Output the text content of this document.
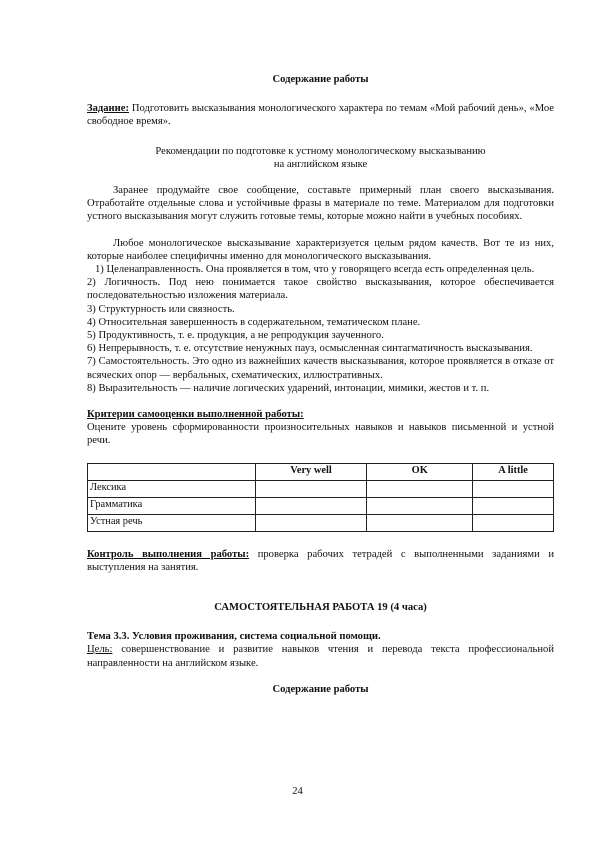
Содержание работы

Задание: Подготовить высказывания монологического характера по темам «Мой рабочий день», «Мое свободное время».

Рекомендации по подготовке к устному монологическому высказыванию

на английском языке

Заранее продумайте свое сообщение, составьте примерный план своего высказывания. Отработайте отдельные слова и устойчивые фразы в материале по теме. Материалом для подготовки устного высказывания могут служить готовые темы, которые можно найти в учебных пособиях.

Любое монологическое высказывание характеризуется целым рядом качеств. Вот те из них, которые наиболее специфичны именно для монологического высказывания.

1) Целенаправленность. Она проявляется в том, что у говорящего всегда есть определенная цель.

2) Логичность. Под нею понимается такое свойство высказывания, которое обеспечивается последовательностью изложения материала.

3) Структурность или связность.

4) Относительная завершенность в содержательном, тематическом плане.

5) Продуктивность, т. е. продукция, а не репродукция заученного.

6) Непрерывность, т. е. отсутствие ненужных пауз, осмысленная синтагматичность высказывания.

7) Самостоятельность. Это одно из важнейших качеств высказывания, которое проявляется в отказе от всяческих опор — вербальных, схематических, иллюстративных.

8) Выразительность — наличие логических ударений, интонации, мимики, жестов и т. п.

Критерии самооценки выполненной работы:

Оцените уровень сформированности произносительных навыков и навыков письменной и устной речи.

	Very well	OK	A little
Лексика			
Грамматика			
Устная речь			

Контроль выполнения работы: проверка рабочих тетрадей с выполненными заданиями и выступления на занятия.

САМОСТОЯТЕЛЬНАЯ РАБОТА 19 (4 часа)

Тема 3.3. Условия проживания, система социальной помощи.

Цель: совершенствование и развитие навыков чтения и перевода текста профессиональной направленности на английском языке.

Содержание работы

24
